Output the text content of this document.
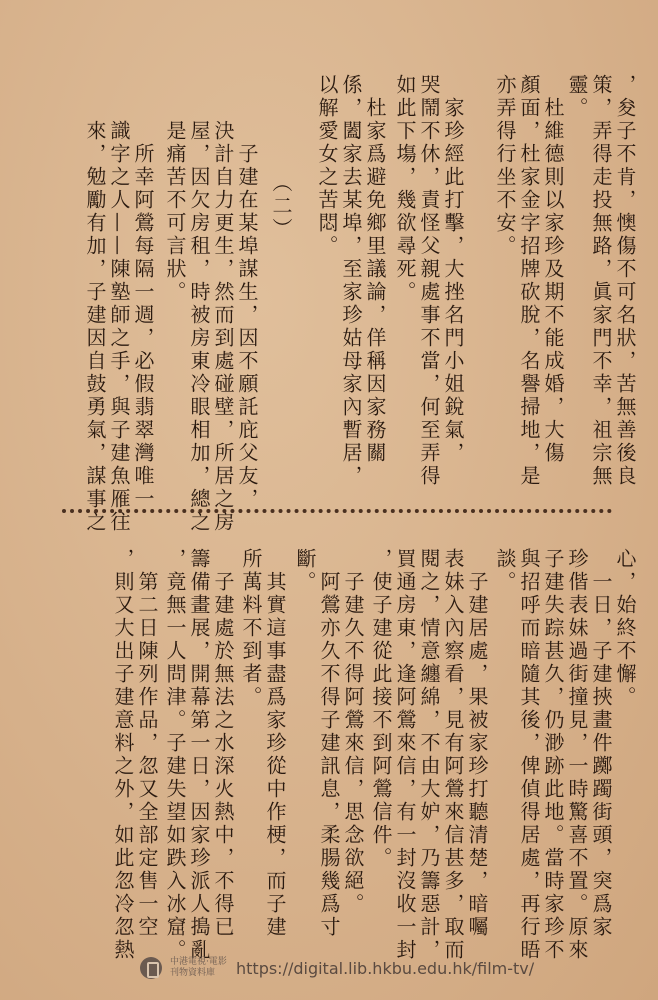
，夋子不肯，懊傷不可名狀，苦無善後良
策，弄得走投無路，眞家門不幸，祖宗無
靈。
　杜維德則以家珍及期不能成婚，大傷
顏面，杜家金字招牌砍脫，名譽掃地，是
亦弄得行坐不安。
　家珍經此打擊，大挫名門小姐銳氣，
哭鬧不休，責怪父親處事不當，何至弄得
如此下塲，幾欲尋死。
　杜家爲避免鄉里議論，佯稱因家務關
係，闔家去某埠，至家珍姑母家內暫居，
以解愛女之苦悶。
（二）
　子建在某埠謀生，因不願託庇父友，
決計自力更生，然而到處碰壁，所居之房
屋，因欠房租，時被房東冷眼相加，總之
是痛苦不可言狀。
　所幸阿鶯每隔一週，必假翡翠灣唯一
識字之人——陳塾師之手，與子建魚雁往
來，勉勵有加，子建因自鼓勇氣，謀事之
心，始終不懈。
　一日，子建挾畫件躑躅街頭，突爲家
珍偕表妹過街撞見，一時驚喜不置。原來
子建失踪甚久，仍渺跡此地。當時家珍不
與招呼而暗隨其後，俾偵得居處，再行晤
談。
　子建居處，果被家珍打聽清楚，暗囑
表妹入內察看，見有阿鶯來信甚多，取而
閱之，情意纏綿，不由大妒，乃籌惡計，
買通房東，逢阿鶯來信，有一封沒收一封
，使子建從此接不到阿鶯信件。
　子建久不得阿鶯來信，思念欲絕。
　阿鶯亦久不得子建訊息，柔腸幾爲寸
斷。
　其實這事盡爲家珍從中作梗，而子建
所萬料不到者。
　子建處於無法之水深火熱中，不得已
籌備畫展，開幕第一日，因家珍派人搗亂
，竟無一人問津。子建失望如跌入冰窟。
　第二日陳列作品，忽又全部定售一空
，則又大出子建意料之外，如此忽冷忽熱	中港電視·電影 刊物資料庫	https://digital.lib.hkbu.edu.hk/film-tv/
